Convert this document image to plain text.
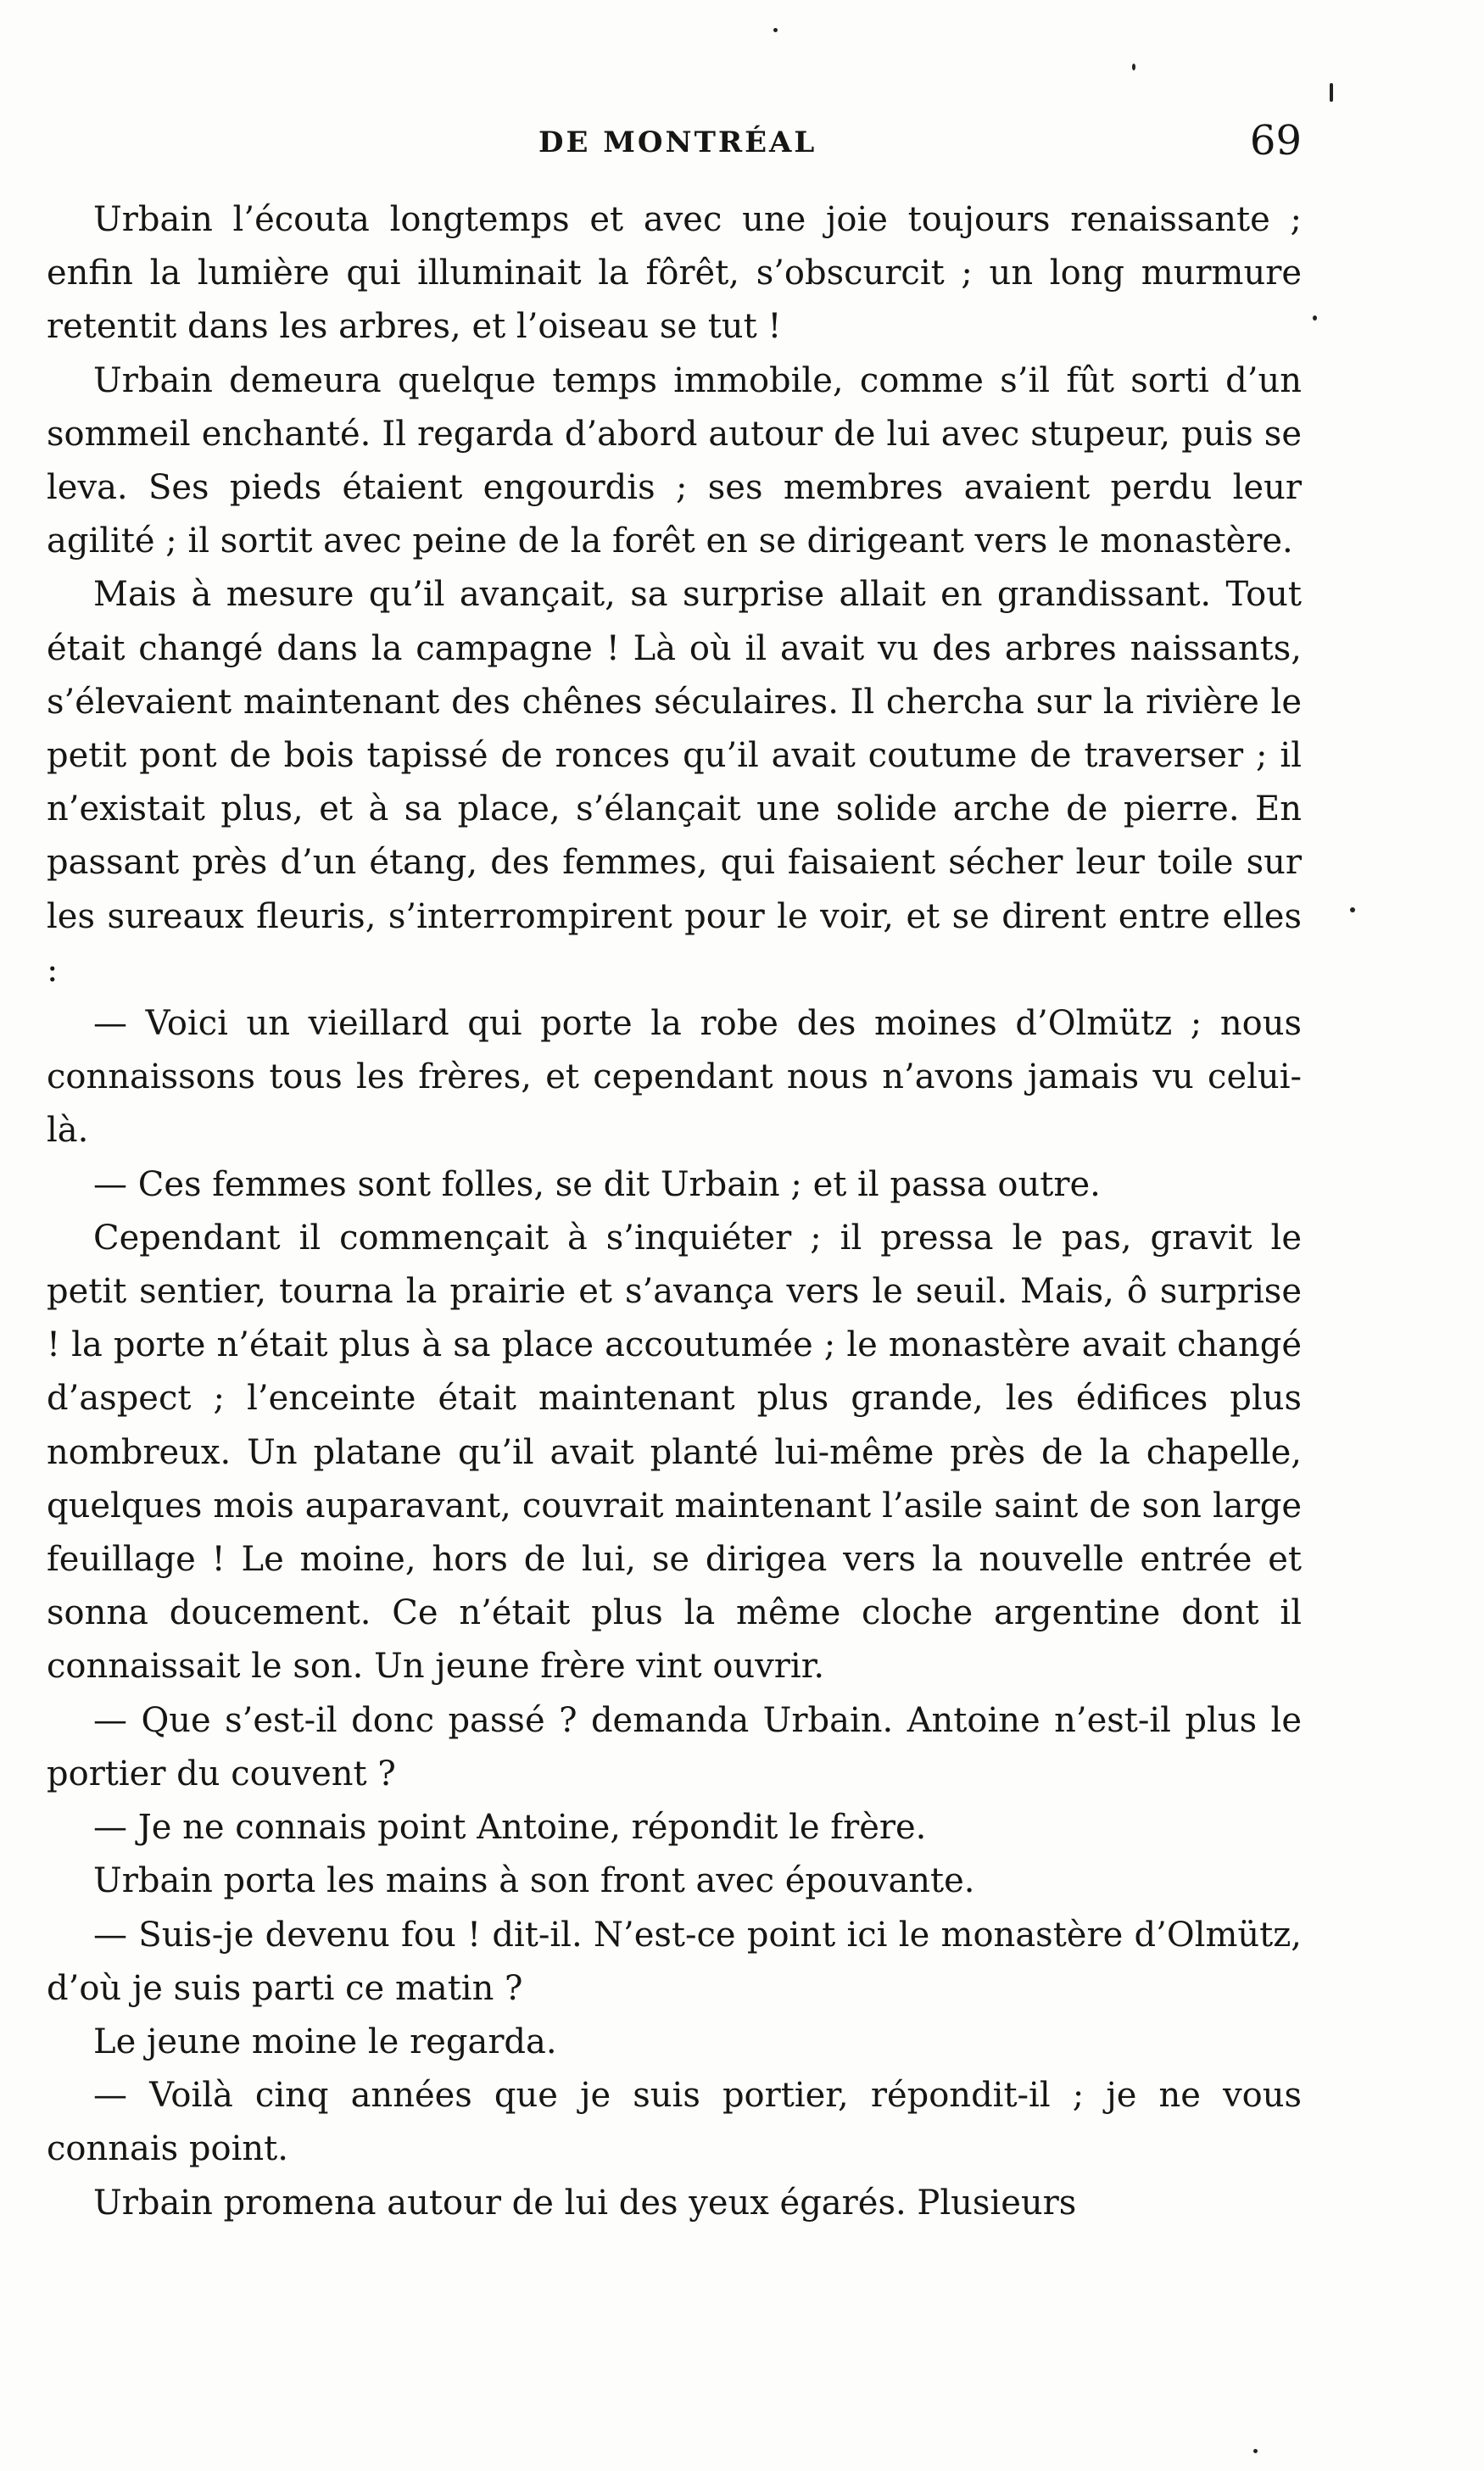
DE MONTRÉAL	69

Urbain l’écouta longtemps et avec une joie toujours renaissante ; enfin la lumière qui illuminait la fôrêt, s’obscurcit ; un long murmure retentit dans les arbres, et l’oiseau se tut !

Urbain demeura quelque temps immobile, comme s’il fût sorti d’un sommeil enchanté. Il regarda d’abord autour de lui avec stupeur, puis se leva. Ses pieds étaient engourdis ; ses membres avaient perdu leur agilité ; il sortit avec peine de la forêt en se dirigeant vers le monastère.

Mais à mesure qu’il avançait, sa surprise allait en grandissant. Tout était changé dans la campagne ! Là où il avait vu des arbres naissants, s’élevaient maintenant des chênes séculaires. Il chercha sur la rivière le petit pont de bois tapissé de ronces qu’il avait coutume de traverser ; il n’existait plus, et à sa place, s’élançait une solide arche de pierre. En passant près d’un étang, des femmes, qui faisaient sécher leur toile sur les sureaux fleuris, s’interrompirent pour le voir, et se dirent entre elles :

— Voici un vieillard qui porte la robe des moines d’Olmütz ; nous connaissons tous les frères, et cependant nous n’avons jamais vu celui-là.

— Ces femmes sont folles, se dit Urbain ; et il passa outre.

Cependant il commençait à s’inquiéter ; il pressa le pas, gravit le petit sentier, tourna la prairie et s’avança vers le seuil. Mais, ô surprise ! la porte n’était plus à sa place accoutumée ; le monastère avait changé d’aspect ; l’enceinte était maintenant plus grande, les édifices plus nombreux. Un platane qu’il avait planté lui-même près de la chapelle, quelques mois auparavant, couvrait maintenant l’asile saint de son large feuillage ! Le moine, hors de lui, se dirigea vers la nouvelle entrée et sonna doucement. Ce n’était plus la même cloche argentine dont il connaissait le son. Un jeune frère vint ouvrir.

— Que s’est-il donc passé ? demanda Urbain. Antoine n’est-il plus le portier du couvent ?

— Je ne connais point Antoine, répondit le frère.

Urbain porta les mains à son front avec épouvante.

— Suis-je devenu fou ! dit-il. N’est-ce point ici le monastère d’Olmütz, d’où je suis parti ce matin ?

Le jeune moine le regarda.

— Voilà cinq années que je suis portier, répondit-il ; je ne vous connais point.

Urbain promena autour de lui des yeux égarés. Plusieurs
